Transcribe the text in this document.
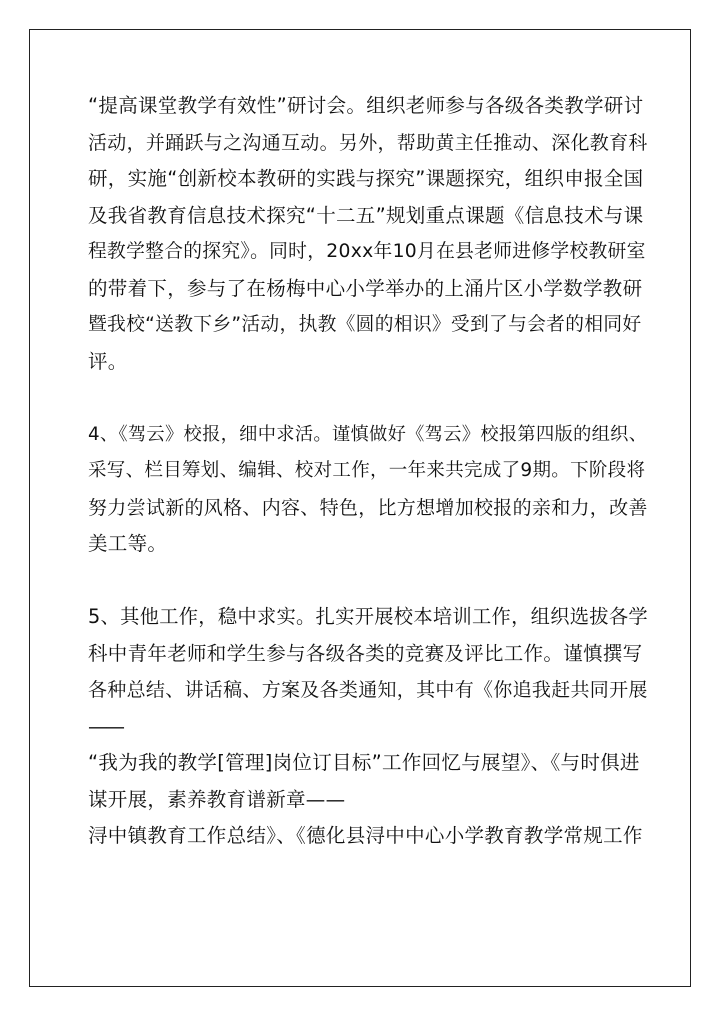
“提高课堂教学有效性”研讨会。组织老师参与各级各类教学研讨
活动，并踊跃与之沟通互动。另外，帮助黄主任推动、深化教育科
研，实施“创新校本教研的实践与探究”课题探究，组织申报全国
及我省教育信息技术探究“十二五”规划重点课题《信息技术与课
程教学整合的探究》。同时，20xx年10月在县老师进修学校教研室
的带着下，参与了在杨梅中心小学举办的上涌片区小学数学教研
暨我校“送教下乡”活动，执教《圆的相识》受到了与会者的相同好
评。
4、《驾云》校报，细中求活。谨慎做好《驾云》校报第四版的组织、
采写、栏目筹划、编辑、校对工作，一年来共完成了9期。下阶段将
努力尝试新的风格、内容、特色，比方想增加校报的亲和力，改善
美工等。
5、其他工作，稳中求实。扎实开展校本培训工作，组织选拔各学
科中青年老师和学生参与各级各类的竞赛及评比工作。谨慎撰写
各种总结、讲话稿、方案及各类通知，其中有《你追我赶共同开展
——
“我为我的教学[管理]岗位订目标”工作回忆与展望》、《与时俱进
谋开展，素养教育谱新章——
浔中镇教育工作总结》、《德化县浔中中心小学教育教学常规工作
